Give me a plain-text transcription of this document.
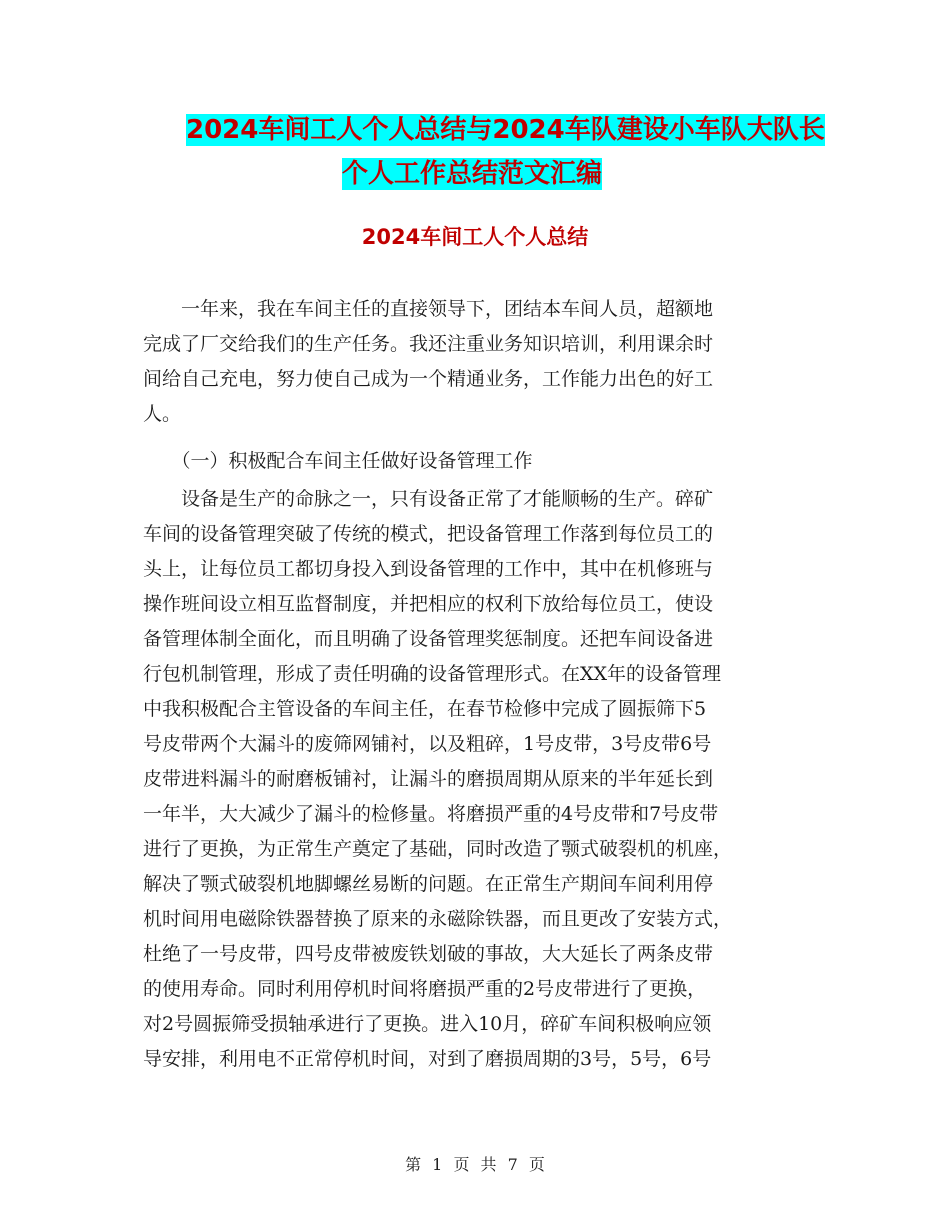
2024车间工人个人总结与2024车队建设小车队大队长
个人工作总结范文汇编
2024车间工人个人总结
　　一年来，我在车间主任的直接领导下，团结本车间人员，超额地
完成了厂交给我们的生产任务。我还注重业务知识培训，利用课余时
间给自己充电，努力使自己成为一个精通业务，工作能力出色的好工
人。
　　（一）积极配合车间主任做好设备管理工作
　　设备是生产的命脉之一，只有设备正常了才能顺畅的生产。碎矿
车间的设备管理突破了传统的模式，把设备管理工作落到每位员工的
头上，让每位员工都切身投入到设备管理的工作中，其中在机修班与
操作班间设立相互监督制度，并把相应的权利下放给每位员工，使设
备管理体制全面化，而且明确了设备管理奖惩制度。还把车间设备进
行包机制管理，形成了责任明确的设备管理形式。在XX年的设备管理
中我积极配合主管设备的车间主任，在春节检修中完成了圆振筛下5
号皮带两个大漏斗的废筛网铺衬，以及粗碎，1号皮带，3号皮带6号
皮带进料漏斗的耐磨板铺衬，让漏斗的磨损周期从原来的半年延长到
一年半，大大减少了漏斗的检修量。将磨损严重的4号皮带和7号皮带
进行了更换，为正常生产奠定了基础，同时改造了颚式破裂机的机座，
解决了颚式破裂机地脚螺丝易断的问题。在正常生产期间车间利用停
机时间用电磁除铁器替换了原来的永磁除铁器，而且更改了安装方式，
杜绝了一号皮带，四号皮带被废铁划破的事故，大大延长了两条皮带
的使用寿命。同时利用停机时间将磨损严重的2号皮带进行了更换，
对2号圆振筛受损轴承进行了更换。进入10月，碎矿车间积极响应领
导安排，利用电不正常停机时间，对到了磨损周期的3号，5号，6号
第 1 页 共 7 页
